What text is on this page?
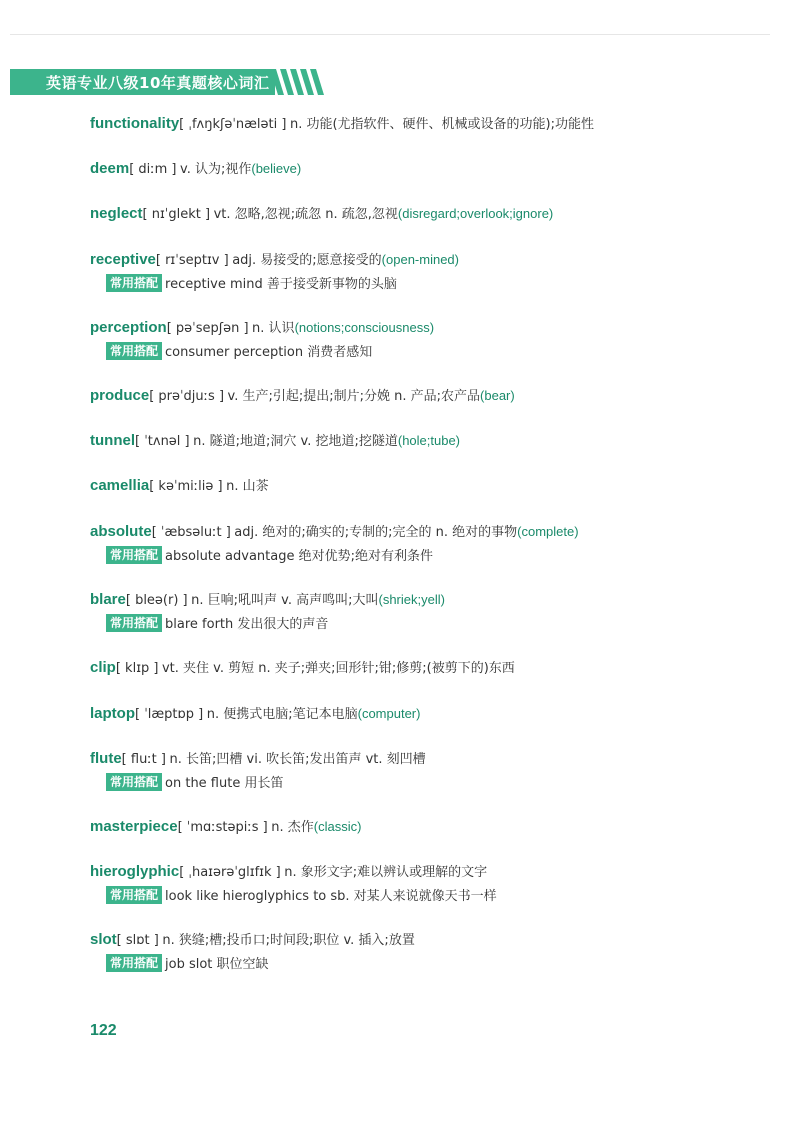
英语专业八级10年真题核心词汇
functionality[ ˌfʌŋkʃəˈnæləti ] n. 功能(尤指软件、硬件、机械或设备的功能);功能性
deem[ diːm ] v. 认为;视作(believe)
neglect[ nɪˈglekt ] vt. 忽略,忽视;疏忽 n. 疏忽,忽视(disregard;overlook;ignore)
receptive[ rɪˈseptɪv ] adj. 易接受的;愿意接受的(open-mined)
常用搭配 receptive mind 善于接受新事物的头脑
perception[ pəˈsepʃən ] n. 认识(notions;consciousness)
常用搭配 consumer perception 消费者感知
produce[ prəˈdjuːs ] v. 生产;引起;提出;制片;分娩 n. 产品;农产品(bear)
tunnel[ ˈtʌnəl ] n. 隧道;地道;洞穴 v. 挖地道;挖隧道(hole;tube)
camellia[ kəˈmiːliə ] n. 山茶
absolute[ ˈæbsəluːt ] adj. 绝对的;确实的;专制的;完全的 n. 绝对的事物(complete)
常用搭配 absolute advantage 绝对优势;绝对有利条件
blare[ bleə(r) ] n. 巨响;吼叫声 v. 高声鸣叫;大叫(shriek;yell)
常用搭配 blare forth 发出很大的声音
clip[ klɪp ] vt. 夹住 v. 剪短 n. 夹子;弹夹;回形针;钳;修剪;(被剪下的)东西
laptop[ ˈlæptɒp ] n. 便携式电脑;笔记本电脑(computer)
flute[ fluːt ] n. 长笛;凹槽 vi. 吹长笛;发出笛声 vt. 刻凹槽
常用搭配 on the flute 用长笛
masterpiece[ ˈmɑːstəpiːs ] n. 杰作(classic)
hieroglyphic[ ˌhaɪərəˈglɪfɪk ] n. 象形文字;难以辨认或理解的文字
常用搭配 look like hieroglyphics to sb. 对某人来说就像天书一样
slot[ slɒt ] n. 狭缝;槽;投币口;时间段;职位 v. 插入;放置
常用搭配 job slot 职位空缺
122
